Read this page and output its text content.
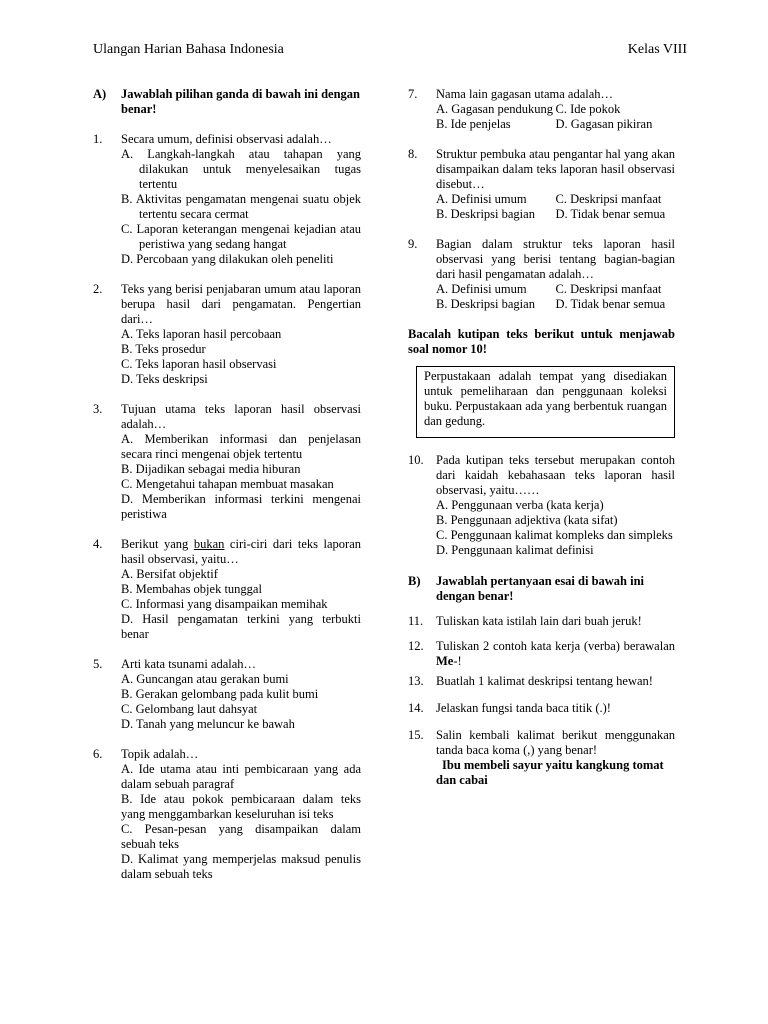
Ulangan Harian Bahasa Indonesia	Kelas VIII
A)	Jawablah pilihan ganda di bawah ini dengan benar!
1.	Secara umum, definisi observasi adalah…
A. Langkah-langkah atau tahapan yang dilakukan untuk menyelesaikan tugas tertentu
B. Aktivitas pengamatan mengenai suatu objek tertentu secara cermat
C. Laporan keterangan mengenai kejadian atau peristiwa yang sedang hangat
D. Percobaan yang dilakukan oleh peneliti
2.	Teks yang berisi penjabaran umum atau laporan berupa hasil dari pengamatan. Pengertian dari…
A. Teks laporan hasil percobaan
B. Teks prosedur
C. Teks laporan hasil observasi
D. Teks deskripsi
3.	Tujuan utama teks laporan hasil observasi adalah…
A. Memberikan informasi dan penjelasan secara rinci mengenai objek tertentu
B. Dijadikan sebagai media hiburan
C. Mengetahui tahapan membuat masakan
D. Memberikan informasi terkini mengenai peristiwa
4.	Berikut yang bukan ciri-ciri dari teks laporan hasil observasi, yaitu…
A. Bersifat objektif
B. Membahas objek tunggal
C. Informasi yang disampaikan memihak
D. Hasil pengamatan terkini yang terbukti benar
5.	Arti kata tsunami adalah…
A. Guncangan atau gerakan bumi
B. Gerakan gelombang pada kulit bumi
C. Gelombang laut dahsyat
D. Tanah yang meluncur ke bawah
6.	Topik adalah…
A. Ide utama atau inti pembicaraan yang ada dalam sebuah paragraf
B. Ide atau pokok pembicaraan dalam teks yang menggambarkan keseluruhan isi teks
C. Pesan-pesan yang disampaikan dalam sebuah teks
D. Kalimat yang memperjelas maksud penulis dalam sebuah teks
7.	Nama lain gagasan utama adalah…
A. Gagasan pendukung C. Ide pokok
B. Ide penjelas	D. Gagasan pikiran
8.	Struktur pembuka atau pengantar hal yang akan disampaikan dalam teks laporan hasil observasi disebut…
A. Definisi umum	C. Deskripsi manfaat
B. Deskripsi bagian	D. Tidak benar semua
9.	Bagian dalam struktur teks laporan hasil observasi yang berisi tentang bagian-bagian dari hasil pengamatan adalah…
A. Definisi umum	C. Deskripsi manfaat
B. Deskripsi bagian	D. Tidak benar semua
Bacalah kutipan teks berikut untuk menjawab soal nomor 10!
Perpustakaan adalah tempat yang disediakan untuk pemeliharaan dan penggunaan koleksi buku. Perpustakaan ada yang berbentuk ruangan dan gedung.
10. Pada kutipan teks tersebut merupakan contoh dari kaidah kebahasaan teks laporan hasil observasi, yaitu……
A. Penggunaan verba (kata kerja)
B. Penggunaan adjektiva (kata sifat)
C. Penggunaan kalimat kompleks dan simpleks
D. Penggunaan kalimat definisi
B)	Jawablah pertanyaan esai di bawah ini dengan benar!
11.	Tuliskan kata istilah lain dari buah jeruk!
12. Tuliskan 2 contoh kata kerja (verba) berawalan Me-!
13. Buatlah 1 kalimat deskripsi tentang hewan!
14. Jelaskan fungsi tanda baca titik (.)!
15. Salin kembali kalimat berikut menggunakan tanda baca koma (,) yang benar!
Ibu membeli sayur yaitu kangkung tomat dan cabai
